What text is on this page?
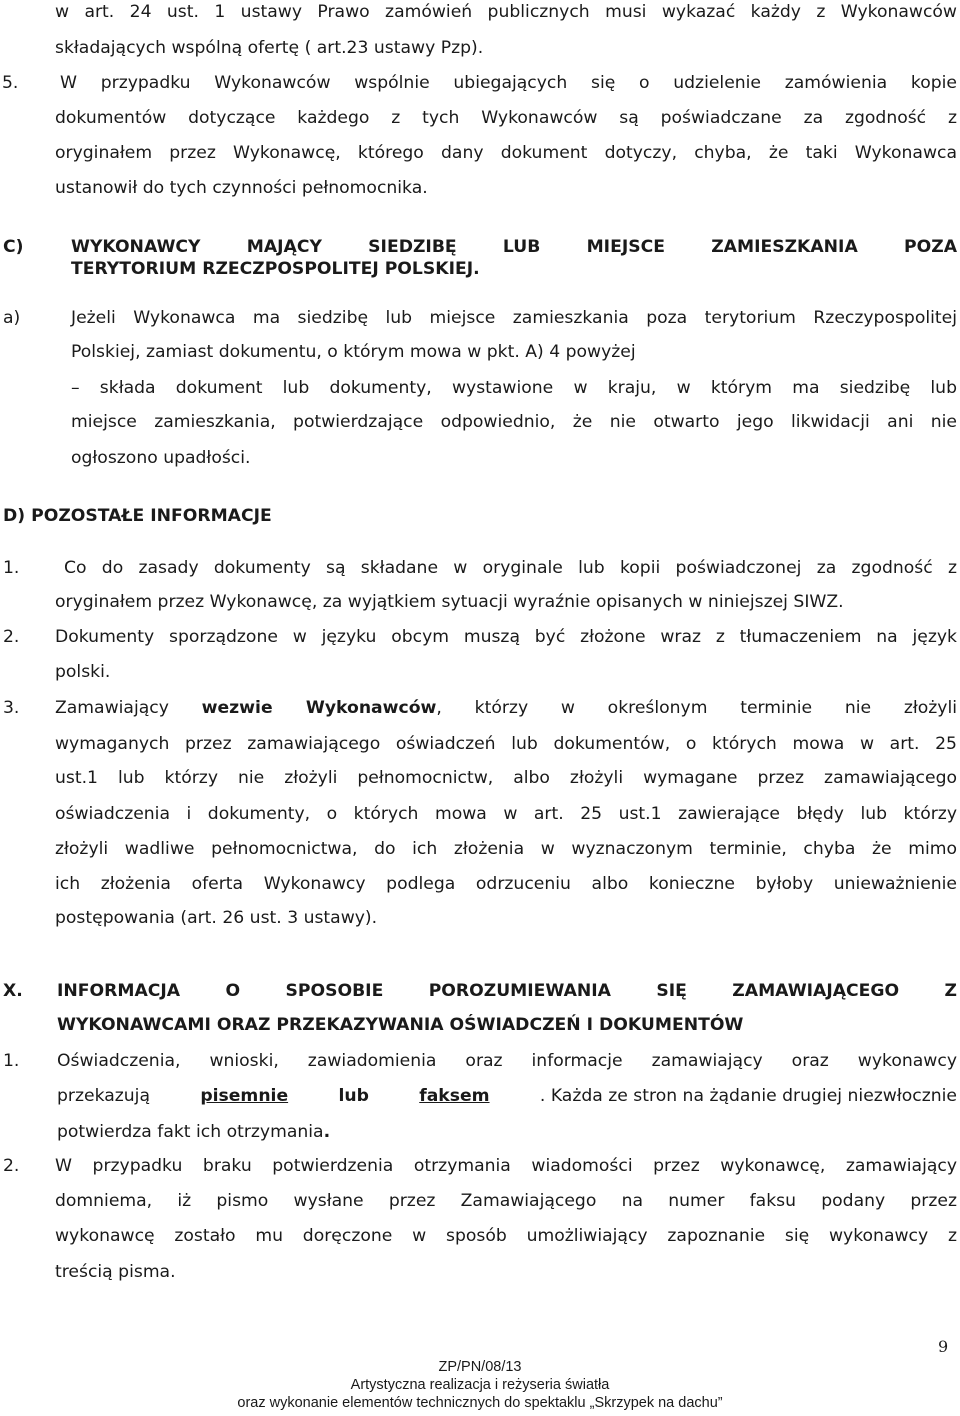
w art. 24 ust. 1 ustawy Prawo zamówień publicznych musi wykazać każdy z Wykonawców
składających wspólną ofertę ( art.23 ustawy Pzp).
5. W przypadku Wykonawców wspólnie ubiegających się o udzielenie zamówienia kopie
dokumentów dotyczące każdego z tych Wykonawców są poświadczane za zgodność z
oryginałem przez Wykonawcę, którego dany dokument dotyczy, chyba, że taki Wykonawca
ustanowił do tych czynności pełnomocnika.
C)	WYKONAWCY MAJĄCY SIEDZIBĘ LUB MIEJSCE ZAMIESZKANIA POZA
TERYTORIUM RZECZPOSPOLITEJ POLSKIEJ.
a)	Jeżeli Wykonawca ma siedzibę lub miejsce zamieszkania poza terytorium Rzeczypospolitej
Polskiej, zamiast dokumentu, o którym mowa w pkt. A) 4 powyżej
– składa dokument lub dokumenty, wystawione w kraju, w którym ma siedzibę lub
miejsce zamieszkania, potwierdzające odpowiednio, że nie otwarto jego likwidacji ani nie
ogłoszono upadłości.
D) POZOSTAŁE INFORMACJE
1.	Co do zasady dokumenty są składane w oryginale lub kopii poświadczonej za zgodność z
oryginałem przez Wykonawcę, za wyjątkiem sytuacji wyraźnie opisanych w niniejszej SIWZ.
2. Dokumenty sporządzone w języku obcym muszą być złożone wraz z tłumaczeniem na język
polski.
3. Zamawiający wezwie Wykonawców, którzy w określonym terminie nie złożyli
wymaganych przez zamawiającego oświadczeń lub dokumentów, o których mowa w art. 25
ust.1 lub którzy nie złożyli pełnomocnictw, albo złożyli wymagane przez zamawiającego
oświadczenia i dokumenty, o których mowa w art. 25 ust.1 zawierające błędy lub którzy
złożyli wadliwe pełnomocnictwa, do ich złożenia w wyznaczonym terminie, chyba że mimo
ich złożenia oferta Wykonawcy podlega odrzuceniu albo konieczne byłoby unieważnienie
postępowania (art. 26 ust. 3 ustawy).
X. INFORMACJA O SPOSOBIE POROZUMIEWANIA SIĘ ZAMAWIAJĄCEGO Z
WYKONAWCAMI ORAZ PRZEKAZYWANIA OŚWIADCZEŃ I DOKUMENTÓW
1. Oświadczenia, wnioski, zawiadomienia oraz informacje zamawiający oraz wykonawcy
przekazują	pisemnie	lub	faksem	. Każda ze stron na żądanie drugiej niezwłocznie
potwierdza fakt ich otrzymania.
2. W przypadku braku potwierdzenia otrzymania wiadomości przez wykonawcę, zamawiający
domniema, iż pismo wysłane przez Zamawiającego na numer faksu podany przez
wykonawcę zostało mu doręczone w sposób umożliwiający zapoznanie się wykonawcy z
treścią pisma.
9
ZP/PN/08/13
Artystyczna realizacja i reżyseria światła
oraz wykonanie elementów technicznych do spektaklu „Skrzypek na dachu”
